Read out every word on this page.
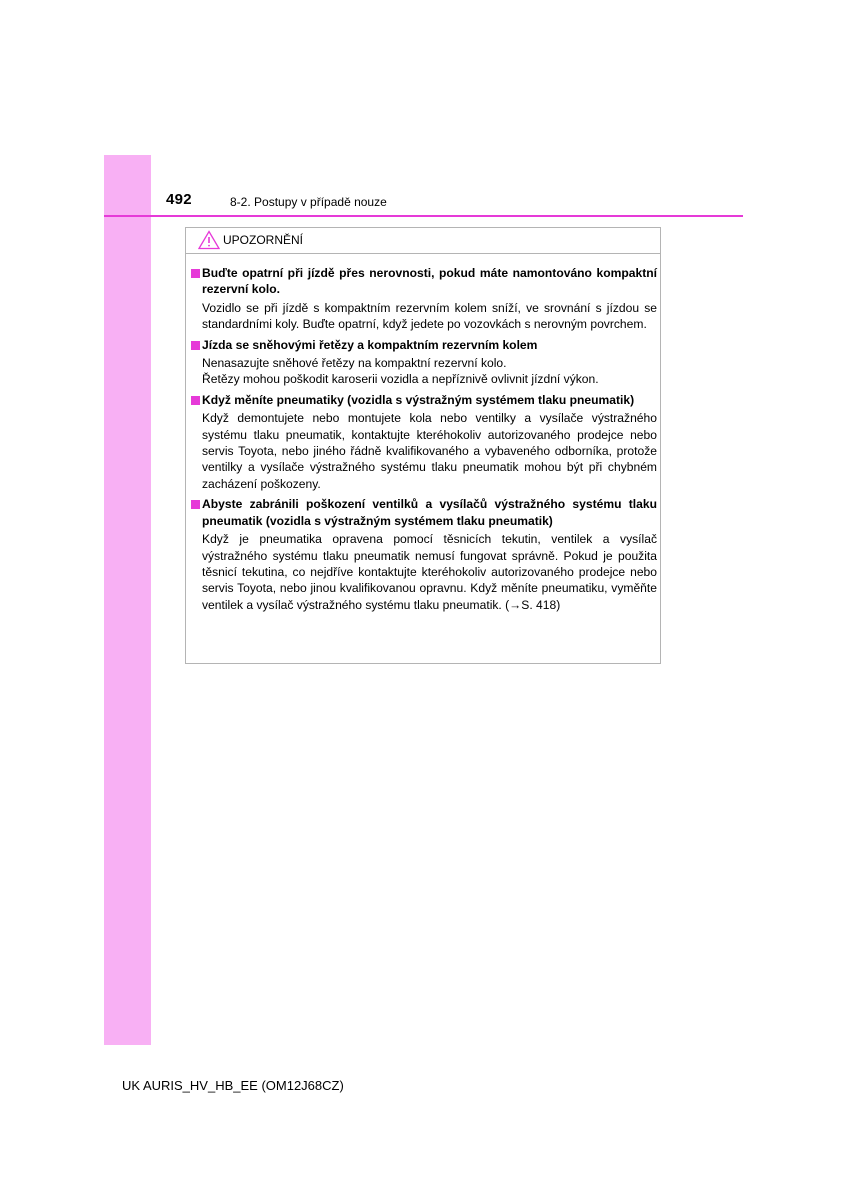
492	8-2. Postupy v případě nouze
UPOZORNĚNÍ
Buďte opatrní při jízdě přes nerovnosti, pokud máte namontováno kompaktní rezervní kolo.
Vozidlo se při jízdě s kompaktním rezervním kolem sníží, ve srovnání s jízdou se standardními koly. Buďte opatrní, když jedete po vozovkách s nerovným povrchem.
Jízda se sněhovými řetězy a kompaktním rezervním kolem
Nenasazujte sněhové řetězy na kompaktní rezervní kolo.
Řetězy mohou poškodit karoserii vozidla a nepříznivě ovlivnit jízdní výkon.
Když měníte pneumatiky (vozidla s výstražným systémem tlaku pneumatik)
Když demontujete nebo montujete kola nebo ventilky a vysílače výstražného systému tlaku pneumatik, kontaktujte kteréhokoliv autorizovaného prodejce nebo servis Toyota, nebo jiného řádně kvalifikovaného a vybaveného odborníka, protože ventilky a vysílače výstražného systému tlaku pneumatik mohou být při chybném zacházení poškozeny.
Abyste zabránili poškození ventilků a vysílačů výstražného systému tlaku pneumatik (vozidla s výstražným systémem tlaku pneumatik)
Když je pneumatika opravena pomocí těsnicích tekutin, ventilek a vysílač výstražného systému tlaku pneumatik nemusí fungovat správně. Pokud je použita těsnicí tekutina, co nejdříve kontaktujte kteréhokoliv autorizovaného prodejce nebo servis Toyota, nebo jinou kvalifikovanou opravnu. Když měníte pneumatiku, vyměňte ventilek a vysílač výstražného systému tlaku pneumatik. (→S. 418)
UK AURIS_HV_HB_EE (OM12J68CZ)
